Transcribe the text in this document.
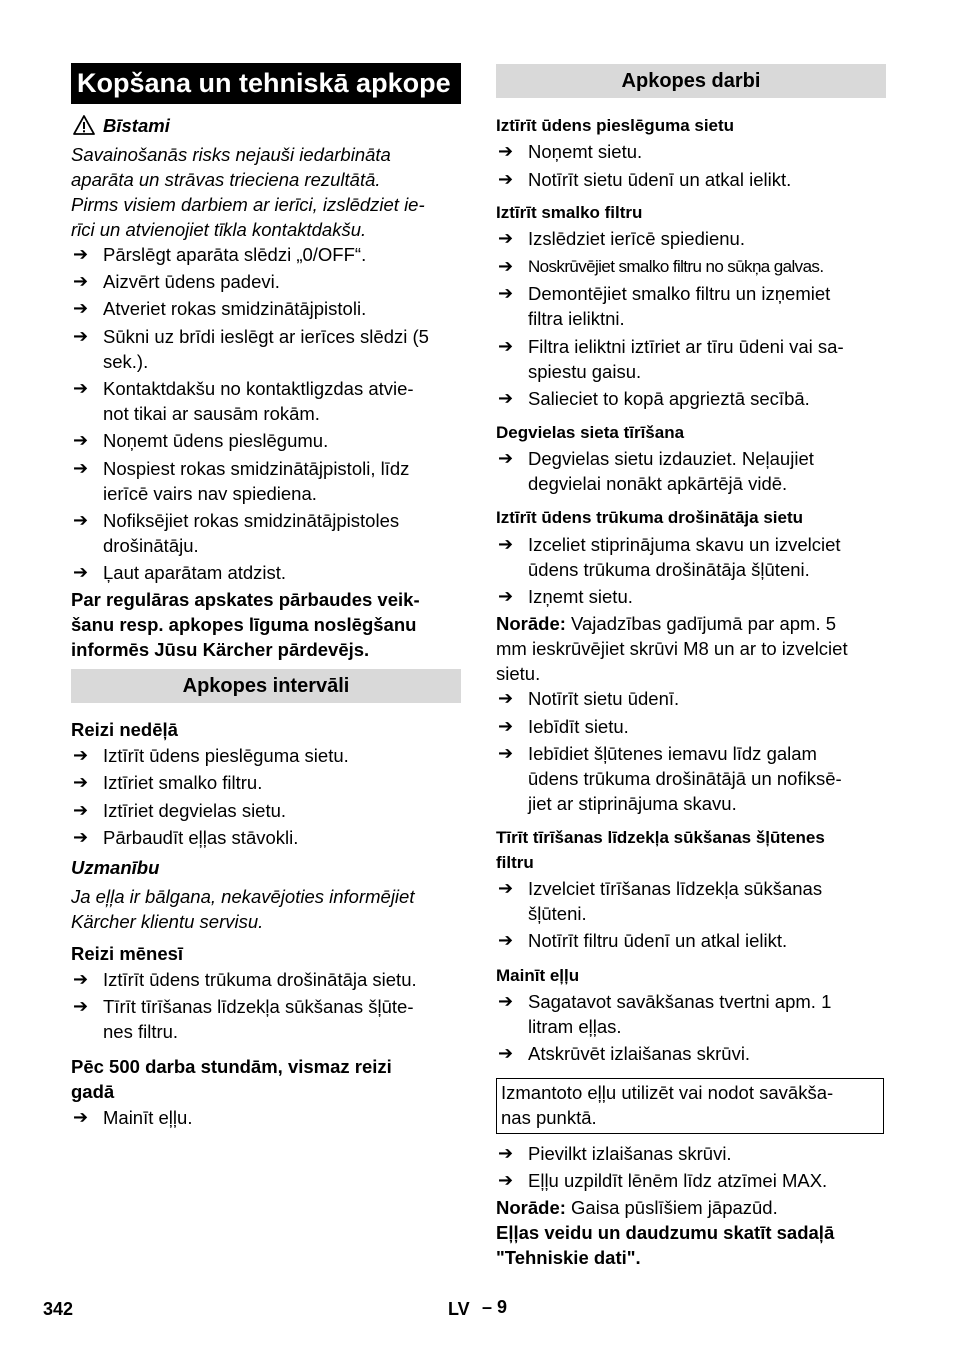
Kopšana un tehniskā apkope
Bīstami
Savainošanās risks nejauši iedarbināta
aparāta un strāvas trieciena rezultātā.
Pirms visiem darbiem ar ierīci, izslēdziet ie-
rīci un atvienojiet tīkla kontaktdakšu.
➔ Pārslēgt aparāta slēdzi „0/OFF“.
➔ Aizvērt ūdens padevi.
➔ Atveriet rokas smidzinātājpistoli.
➔ Sūkni uz brīdi ieslēgt ar ierīces slēdzi (5
sek.).
➔ Kontaktdakšu no kontaktligzdas atvie-
not tikai ar sausām rokām.
➔ Noņemt ūdens pieslēgumu.
➔ Nospiest rokas smidzinātājpistoli, līdz
ierīcē vairs nav spiediena.
➔ Nofiksējiet rokas smidzinātājpistoles
drošinātāju.
➔ Ļaut aparātam atdzist.
Par regulāras apskates pārbaudes veik-
šanu resp. apkopes līguma noslēgšanu
informēs Jūsu Kärcher pārdevējs.
Apkopes intervāli
Reizi nedēļā
➔ Iztīrīt ūdens pieslēguma sietu.
➔ Iztīriet smalko filtru.
➔ Iztīriet degvielas sietu.
➔ Pārbaudīt eļļas stāvokli.
Uzmanību
Ja eļļa ir bālgana, nekavējoties informējiet
Kärcher klientu servisu.
Reizi mēnesī
➔ Iztīrīt ūdens trūkuma drošinātāja sietu.
➔ Tīrīt tīrīšanas līdzekļa sūkšanas šļūte-
nes filtru.
Pēc 500 darba stundām, vismaz reizi
gadā
➔ Mainīt eļļu.
Apkopes darbi
Iztīrīt ūdens pieslēguma sietu
➔ Noņemt sietu.
➔ Notīrīt sietu ūdenī un atkal ielikt.
Iztīrīt smalko filtru
➔ Izslēdziet ierīcē spiedienu.
➔ Noskrūvējiet smalko filtru no sūkņa galvas.
➔ Demontējiet smalko filtru un izņemiet
filtra ieliktni.
➔ Filtra ieliktni iztīriet ar tīru ūdeni vai sa-
spiestu gaisu.
➔ Salieciet to kopā apgrieztā secībā.
Degvielas sieta tīrīšana
➔ Degvielas sietu izdauziet. Neļaujiet
degvielai nonākt apkārtējā vidē.
Iztīrīt ūdens trūkuma drošinātāja sietu
➔ Izceliet stiprinājuma skavu un izvelciet
ūdens trūkuma drošinātāja šļūteni.
➔ Izņemt sietu.
Norāde: Vajadzības gadījumā par apm. 5
mm ieskrūvējiet skrūvi M8 un ar to izvelciet
sietu.
➔ Notīrīt sietu ūdenī.
➔ Iebīdīt sietu.
➔ Iebīdiet šļūtenes iemavu līdz galam
ūdens trūkuma drošinātājā un nofiksē-
jiet ar stiprinājuma skavu.
Tīrīt tīrīšanas līdzekļa sūkšanas šļūtenes
filtru
➔ Izvelciet tīrīšanas līdzekļa sūkšanas
šļūteni.
➔ Notīrīt filtru ūdenī un atkal ielikt.
Mainīt eļļu
➔ Sagatavot savākšanas tvertni apm. 1
litram eļļas.
➔ Atskrūvēt izlaišanas skrūvi.
Izmantoto eļļu utilizēt vai nodot savākša-
nas punktā.
➔ Pievilkt izlaišanas skrūvi.
➔ Eļļu uzpildīt lēnēm līdz atzīmei MAX.
Norāde: Gaisa pūslīšiem jāpazūd.
Eļļas veidu un daudzumu skatīt sadaļā
"Tehniskie dati".
342	LV – 9
